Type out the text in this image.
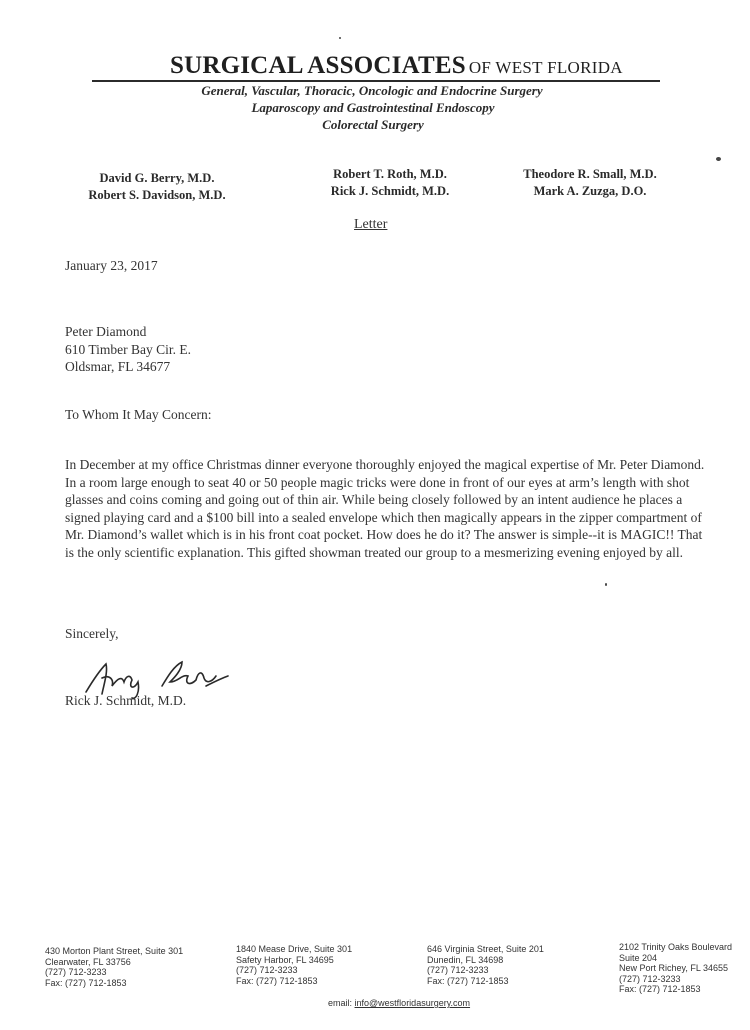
SURGICAL ASSOCIATES OF WEST FLORIDA
General, Vascular, Thoracic, Oncologic and Endocrine Surgery
Laparoscopy and Gastrointestinal Endoscopy
Colorectal Surgery
David G. Berry, M.D.
Robert S. Davidson, M.D.
Robert T. Roth, M.D.
Rick J. Schmidt, M.D.
Theodore R. Small, M.D.
Mark A. Zuzga, D.O.
Letter
January 23, 2017
Peter Diamond
610 Timber Bay Cir. E.
Oldsmar, FL 34677
To Whom It May Concern:

In December at my office Christmas dinner everyone thoroughly enjoyed the magical expertise of Mr. Peter Diamond. In a room large enough to seat 40 or 50 people magic tricks were done in front of our eyes at arm’s length with shot glasses and coins coming and going out of thin air. While being closely followed by an intent audience he places a signed playing card and a $100 bill into a sealed envelope which then magically appears in the zipper compartment of Mr. Diamond’s wallet which is in his front coat pocket. How does he do it? The answer is simple--it is MAGIC!! That is the only scientific explanation. This gifted showman treated our group to a mesmerizing evening enjoyed by all.

Sincerely,
Rick J. Schmidt, M.D.
430 Morton Plant Street, Suite 301
Clearwater, FL 33756
(727) 712-3233
Fax: (727) 712-1853
1840 Mease Drive, Suite 301
Safety Harbor, FL 34695
(727) 712-3233
Fax: (727) 712-1853
646 Virginia Street, Suite 201
Dunedin, FL 34698
(727) 712-3233
Fax: (727) 712-1853
2102 Trinity Oaks Boulevard
Suite 204
New Port Richey, FL 34655
(727) 712-3233
Fax: (727) 712-1853
email: info@westfloridasurgery.com
